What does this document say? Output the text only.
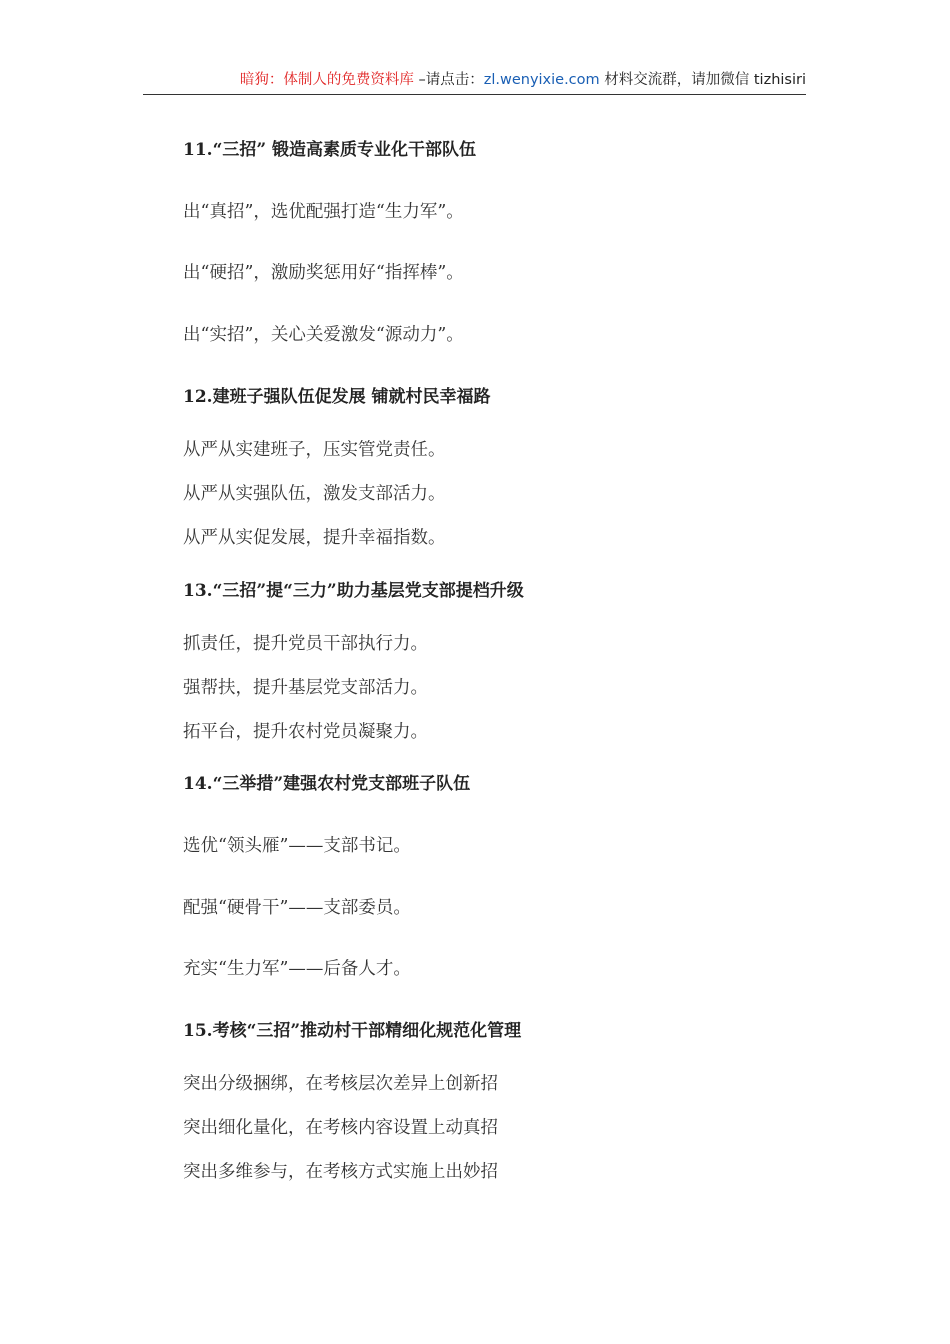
暗狗：体制人的免费资料库 –请点击：zl.wenyixie.com 材料交流群，请加微信 tizhisiri
11.“三招” 锻造高素质专业化干部队伍
出“真招”，选优配强打造“生力军”。
出“硬招”，激励奖惩用好“指挥棒”。
出“实招”，关心关爱激发“源动力”。
12.建班子强队伍促发展 铺就村民幸福路
从严从实建班子，压实管党责任。
从严从实强队伍，激发支部活力。
从严从实促发展，提升幸福指数。
13.“三招”提“三力”助力基层党支部提档升级
抓责任，提升党员干部执行力。
强帮扶，提升基层党支部活力。
拓平台，提升农村党员凝聚力。
14.“三举措”建强农村党支部班子队伍
选优“领头雁”——支部书记。
配强“硬骨干”——支部委员。
充实“生力军”——后备人才。
15.考核“三招”推动村干部精细化规范化管理
突出分级捆绑，在考核层次差异上创新招
突出细化量化，在考核内容设置上动真招
突出多维参与，在考核方式实施上出妙招
